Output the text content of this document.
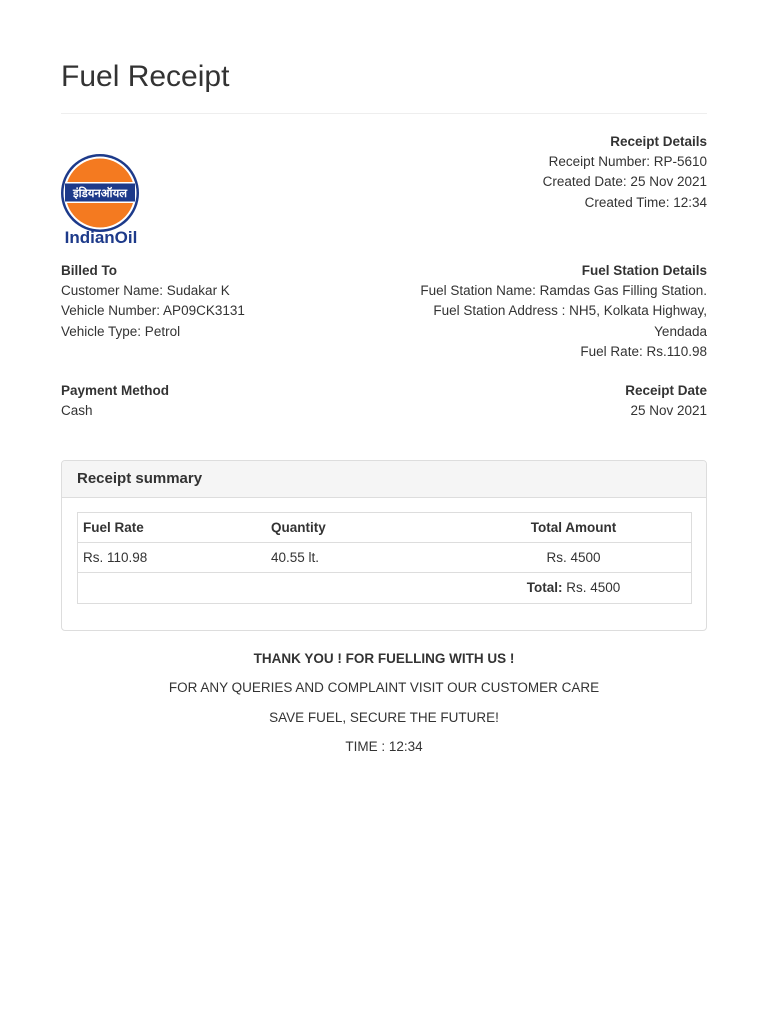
Fuel Receipt
Receipt Details
Receipt Number: RP-5610
Created Date: 25 Nov 2021
Created Time: 12:34
इंडियनऑयल
IndianOil
Billed To
Customer Name: Sudakar K
Vehicle Number: AP09CK3131
Vehicle Type: Petrol
Fuel Station Details
Fuel Station Name: Ramdas Gas Filling Station.
Fuel Station Address : NH5, Kolkata Highway,
Yendada
Fuel Rate: Rs.110.98
Payment Method
Cash
Receipt Date
25 Nov 2021
Receipt summary
Fuel Rate	Quantity	Total Amount
Rs. 110.98	40.55 lt.	Rs. 4500
Total: Rs. 4500
THANK YOU ! FOR FUELLING WITH US !
FOR ANY QUERIES AND COMPLAINT VISIT OUR CUSTOMER CARE
SAVE FUEL, SECURE THE FUTURE!
TIME : 12:34
